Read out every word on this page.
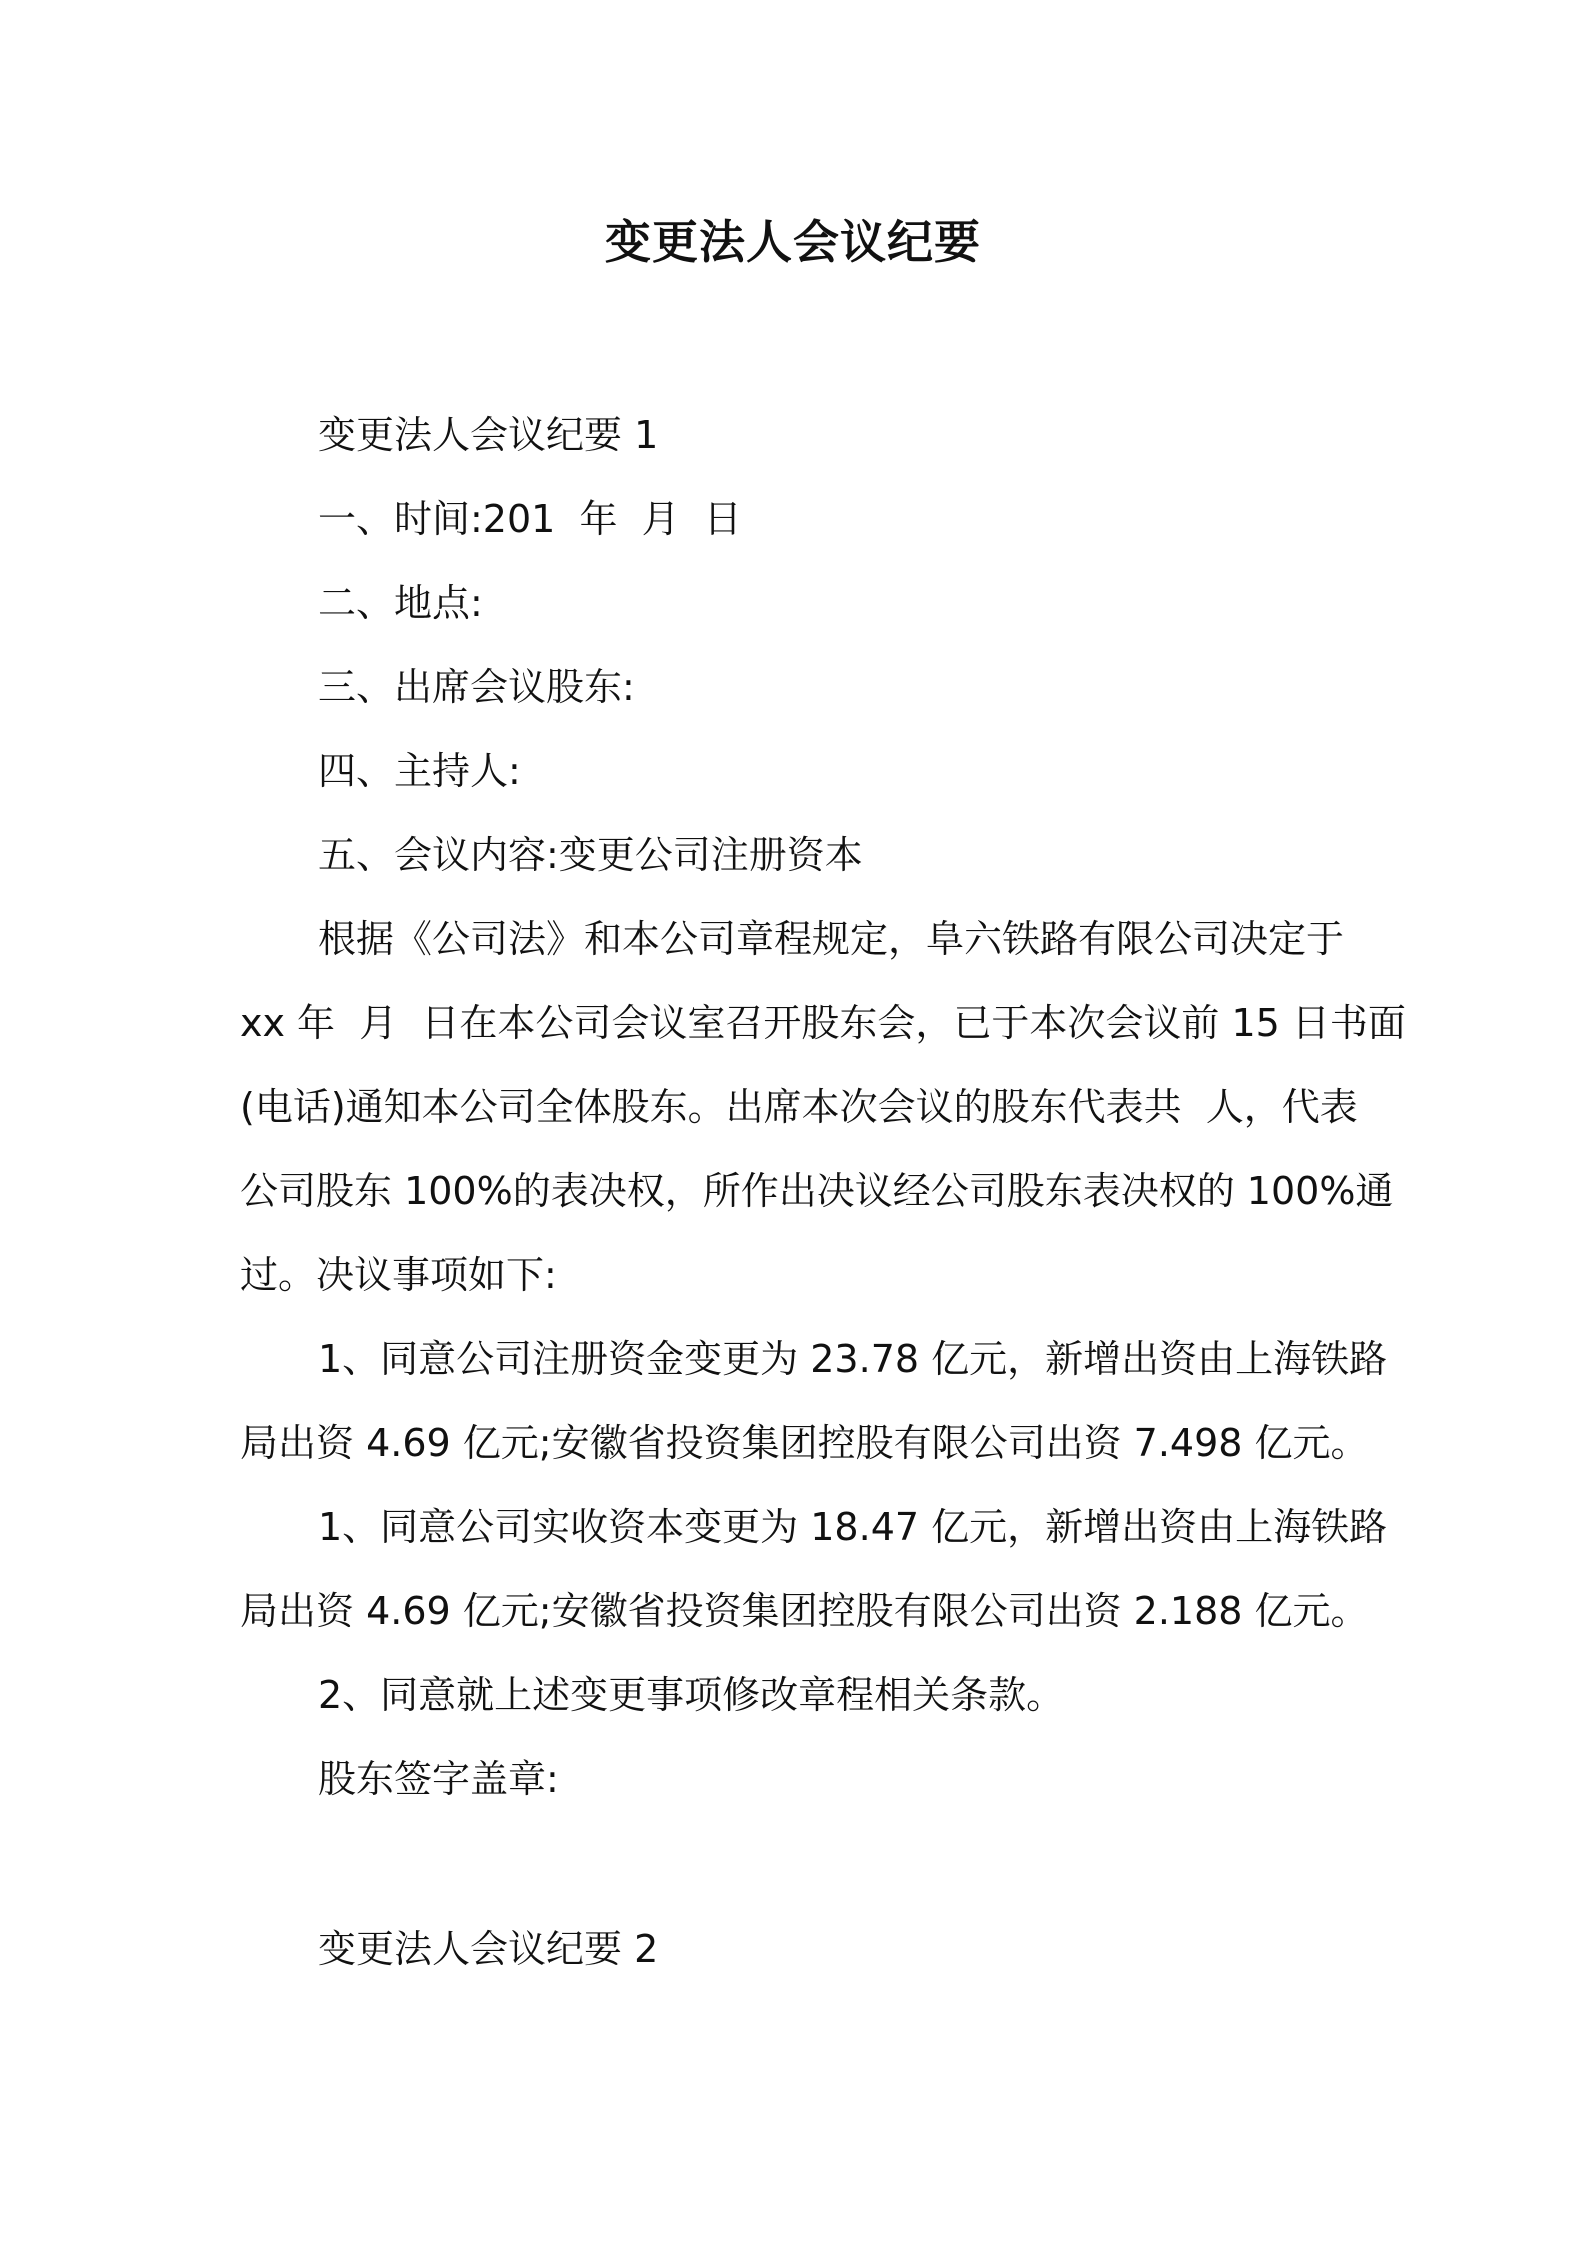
变更法人会议纪要
变更法人会议纪要 1
一、时间:201  年  月  日
二、地点:
三、出席会议股东:
四、主持人:
五、会议内容:变更公司注册资本
根据《公司法》和本公司章程规定，阜六铁路有限公司决定于
xx 年  月  日在本公司会议室召开股东会，已于本次会议前 15 日书面
(电话)通知本公司全体股东。出席本次会议的股东代表共  人，代表
公司股东 100%的表决权，所作出决议经公司股东表决权的 100%通
过。决议事项如下:
1、同意公司注册资金变更为 23.78 亿元，新增出资由上海铁路
局出资 4.69 亿元;安徽省投资集团控股有限公司出资 7.498 亿元。
1、同意公司实收资本变更为 18.47 亿元，新增出资由上海铁路
局出资 4.69 亿元;安徽省投资集团控股有限公司出资 2.188 亿元。
2、同意就上述变更事项修改章程相关条款。
股东签字盖章:
变更法人会议纪要 2
